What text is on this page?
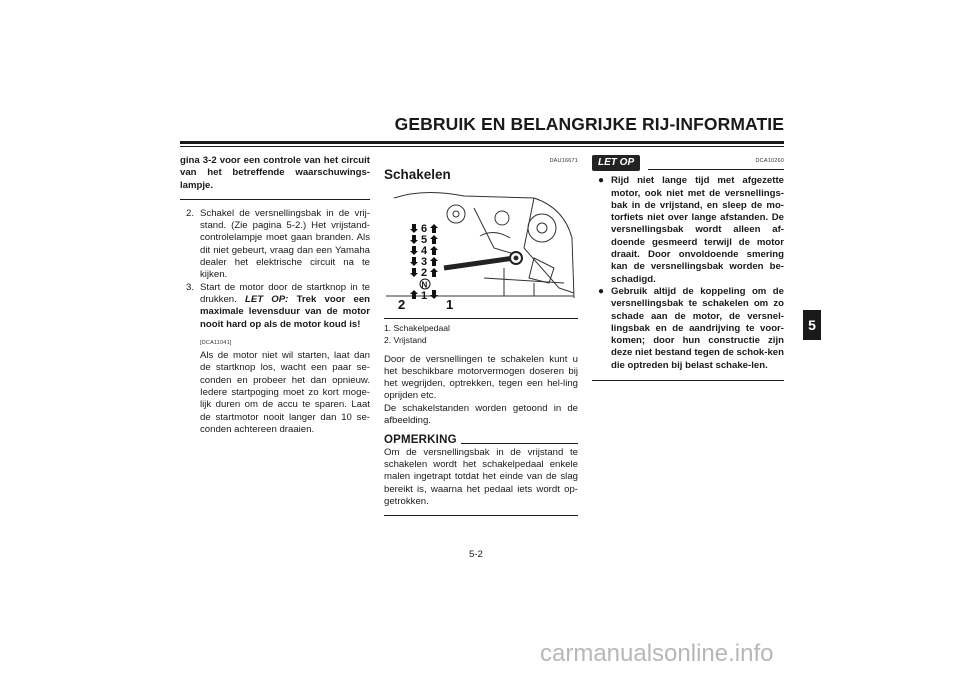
GEBRUIK EN BELANGRIJKE RIJ-INFORMATIE
5
gina 3-2 voor een controle van het circuit van het betreffende waarschuwings-lampje.
2. Schakel de versnellingsbak in de vrij-stand. (Zie pagina 5-2.) Het vrijstand-controlelampje moet gaan branden. Als dit niet gebeurt, vraag dan een Yamaha dealer het elektrische circuit na te kijken.
3. Start de motor door de startknop in te drukken. LET OP: Trek voor een maximale levensduur van de motor nooit hard op als de motor koud is!
[DCA11041]
Als de motor niet wil starten, laat dan de startknop los, wacht een paar se-conden en probeer het dan opnieuw. Iedere startpoging moet zo kort moge-lijk duren om de accu te sparen. Laat de startmotor nooit langer dan 10 se-conden achtereen draaien.
DAU16671
Schakelen
6
5
4
3
2
N
1
2	1
1. Schakelpedaal
2. Vrijstand
Door de versnellingen te schakelen kunt u het beschikbare motorvermogen doseren bij het wegrijden, optrekken, tegen een hel-ling oprijden etc.
De schakelstanden worden getoond in de afbeelding.
OPMERKING
Om de versnellingsbak in de vrijstand te schakelen wordt het schakelpedaal enkele malen ingetrapt totdat het einde van de slag bereikt is, waarna het pedaal iets wordt op-getrokken.
LET OP	DCA10260
● Rijd niet lange tijd met afgezette motor, ook niet met de versnellings-bak in de vrijstand, en sleep de mo-torfiets niet over lange afstanden. De versnellingsbak wordt alleen af-doende gesmeerd terwijl de motor draait. Door onvoldoende smering kan de versnellingsbak worden be-schadigd.
● Gebruik altijd de koppeling om de versnellingsbak te schakelen om zo schade aan de motor, de versnel-lingsbak en de aandrijving te voor-komen; door hun constructie zijn deze niet bestand tegen de schok-ken die optreden bij belast schake-len.
5-2
carmanualsonline.info
